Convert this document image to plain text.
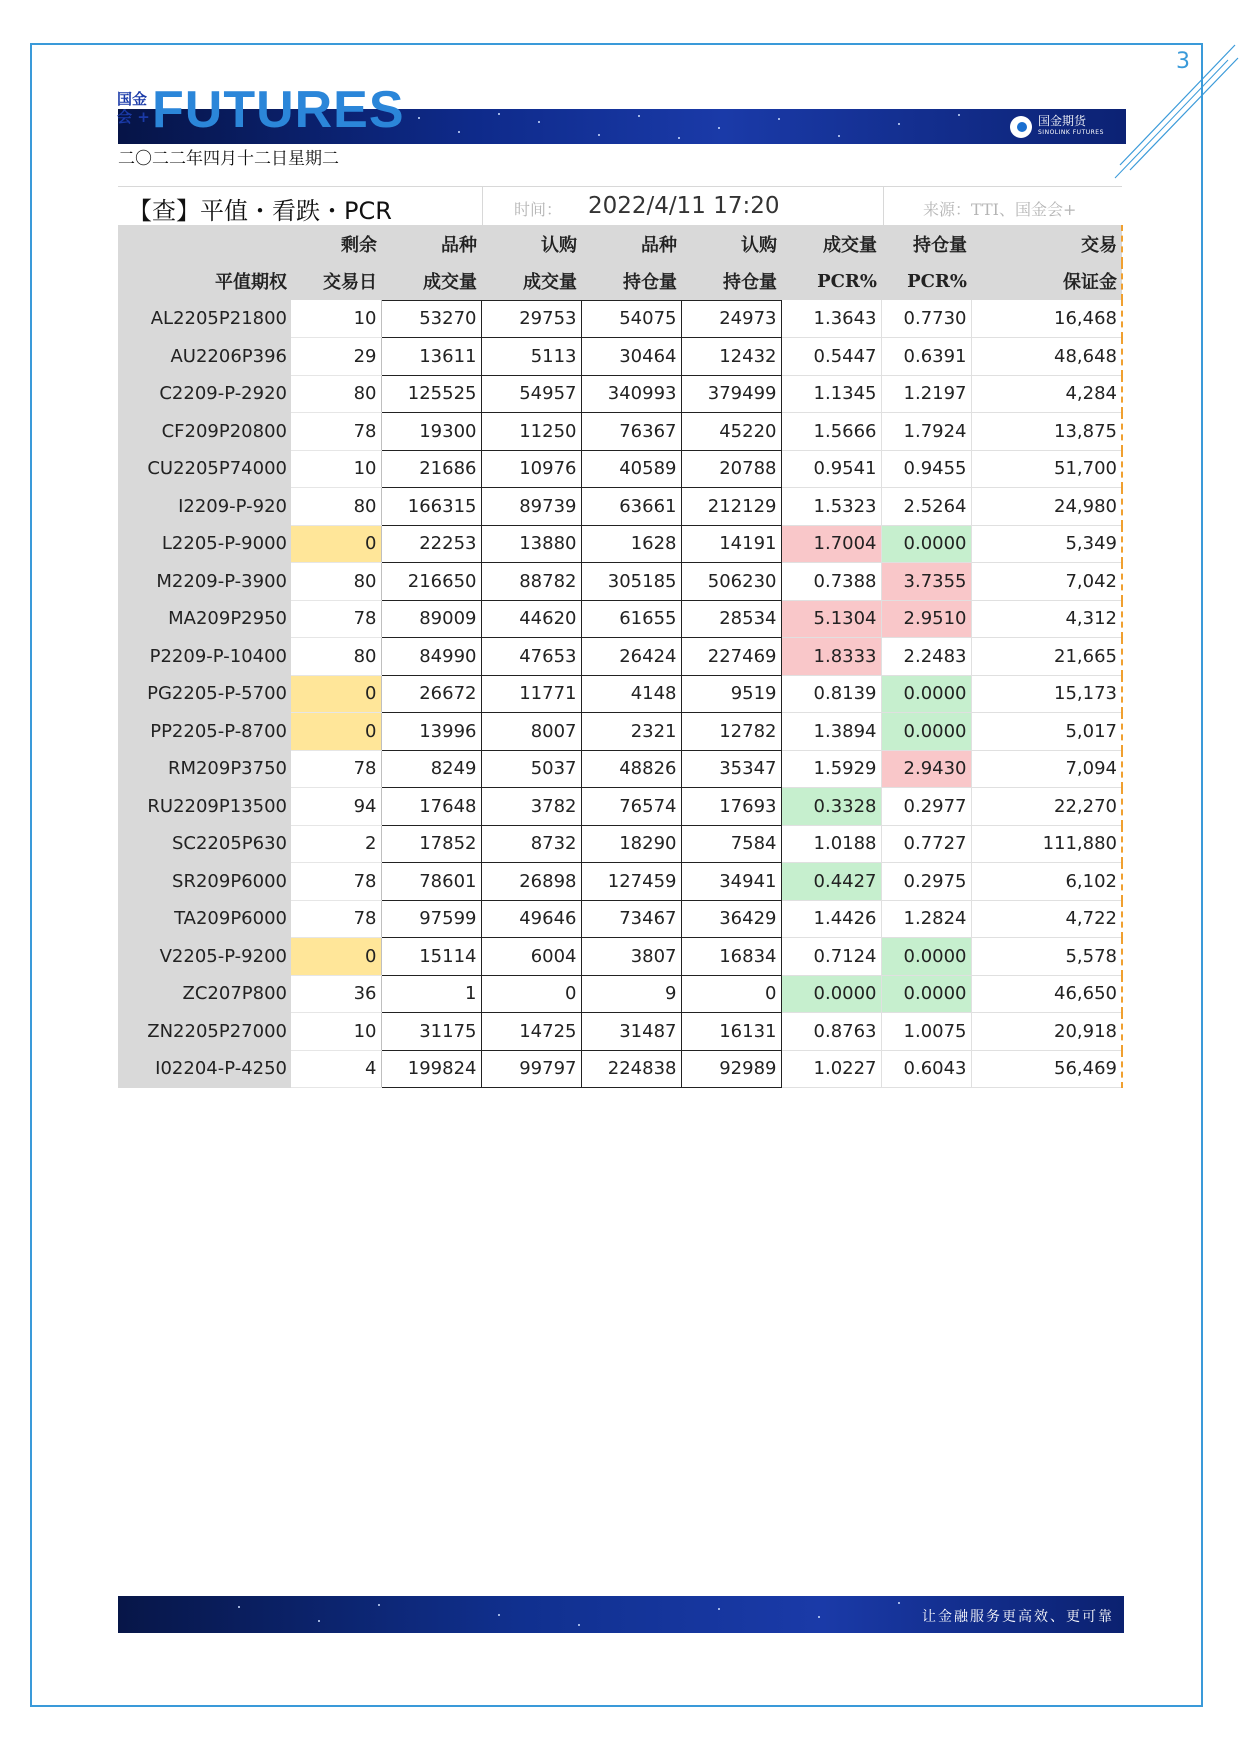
3
国金
会 + FUTURES	国金期货
SINOLINK FUTURES
二〇二二年四月十二日星期二
【查】平值・看跌・PCR	时间： 2022/4/11 17:20	来源：TTI、国金会+
	剩余	品种	认购	品种	认购	成交量	持仓量	交易
平值期权	交易日	成交量	成交量	持仓量	持仓量	PCR%	PCR%	保证金
AL2205P21800	10	53270	29753	54075	24973	1.3643	0.7730	16,468
AU2206P396	29	13611	5113	30464	12432	0.5447	0.6391	48,648
C2209-P-2920	80	125525	54957	340993	379499	1.1345	1.2197	4,284
CF209P20800	78	19300	11250	76367	45220	1.5666	1.7924	13,875
CU2205P74000	10	21686	10976	40589	20788	0.9541	0.9455	51,700
I2209-P-920	80	166315	89739	63661	212129	1.5323	2.5264	24,980
L2205-P-9000	0	22253	13880	1628	14191	1.7004	0.0000	5,349
M2209-P-3900	80	216650	88782	305185	506230	0.7388	3.7355	7,042
MA209P2950	78	89009	44620	61655	28534	5.1304	2.9510	4,312
P2209-P-10400	80	84990	47653	26424	227469	1.8333	2.2483	21,665
PG2205-P-5700	0	26672	11771	4148	9519	0.8139	0.0000	15,173
PP2205-P-8700	0	13996	8007	2321	12782	1.3894	0.0000	5,017
RM209P3750	78	8249	5037	48826	35347	1.5929	2.9430	7,094
RU2209P13500	94	17648	3782	76574	17693	0.3328	0.2977	22,270
SC2205P630	2	17852	8732	18290	7584	1.0188	0.7727	111,880
SR209P6000	78	78601	26898	127459	34941	0.4427	0.2975	6,102
TA209P6000	78	97599	49646	73467	36429	1.4426	1.2824	4,722
V2205-P-9200	0	15114	6004	3807	16834	0.7124	0.0000	5,578
ZC207P800	36	1	0	9	0	0.0000	0.0000	46,650
ZN2205P27000	10	31175	14725	31487	16131	0.8763	1.0075	20,918
I02204-P-4250	4	199824	99797	224838	92989	1.0227	0.6043	56,469
让金融服务更高效、更可靠
